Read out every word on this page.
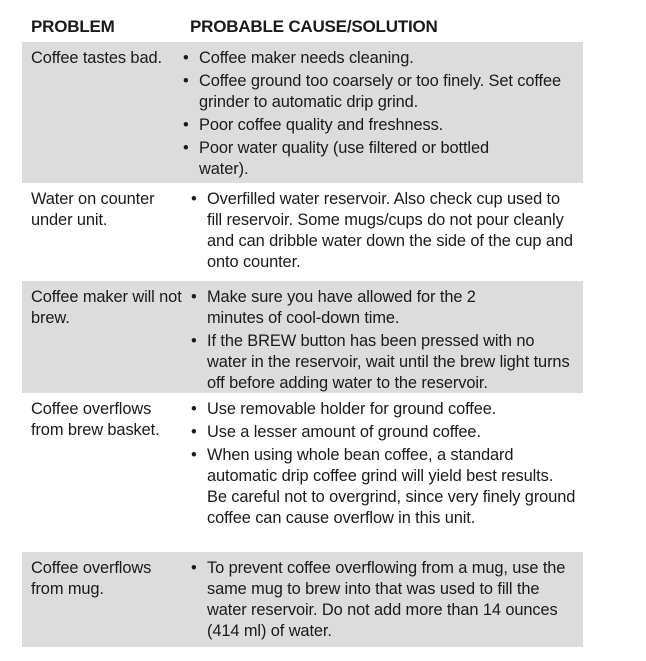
PROBLEM	PROBABLE CAUSE/SOLUTION
Coffee tastes bad.	• Coffee maker needs cleaning.
• Coffee ground too coarsely or too finely. Set coffee grinder to automatic drip grind.
• Poor coffee quality and freshness.
• Poor water quality (use filtered or bottled water).
Water on counter under unit.
• Overfilled water reservoir. Also check cup used to fill reservoir. Some mugs/cups do not pour cleanly and can dribble water down the side of the cup and onto counter.
Coffee maker will not brew.
• Make sure you have allowed for the 2 minutes of cool-down time.
• If the BREW button has been pressed with no water in the reservoir, wait until the brew light turns off before adding water to the reservoir.
Coffee overflows from brew basket.
• Use removable holder for ground coffee.
• Use a lesser amount of ground coffee.
• When using whole bean coffee, a standard automatic drip coffee grind will yield best results. Be careful not to overgrind, since very finely ground coffee can cause overflow in this unit.
Coffee overflows from mug.
• To prevent coffee overflowing from a mug, use the same mug to brew into that was used to fill the water reservoir. Do not add more than 14 ounces (414 ml) of water.
